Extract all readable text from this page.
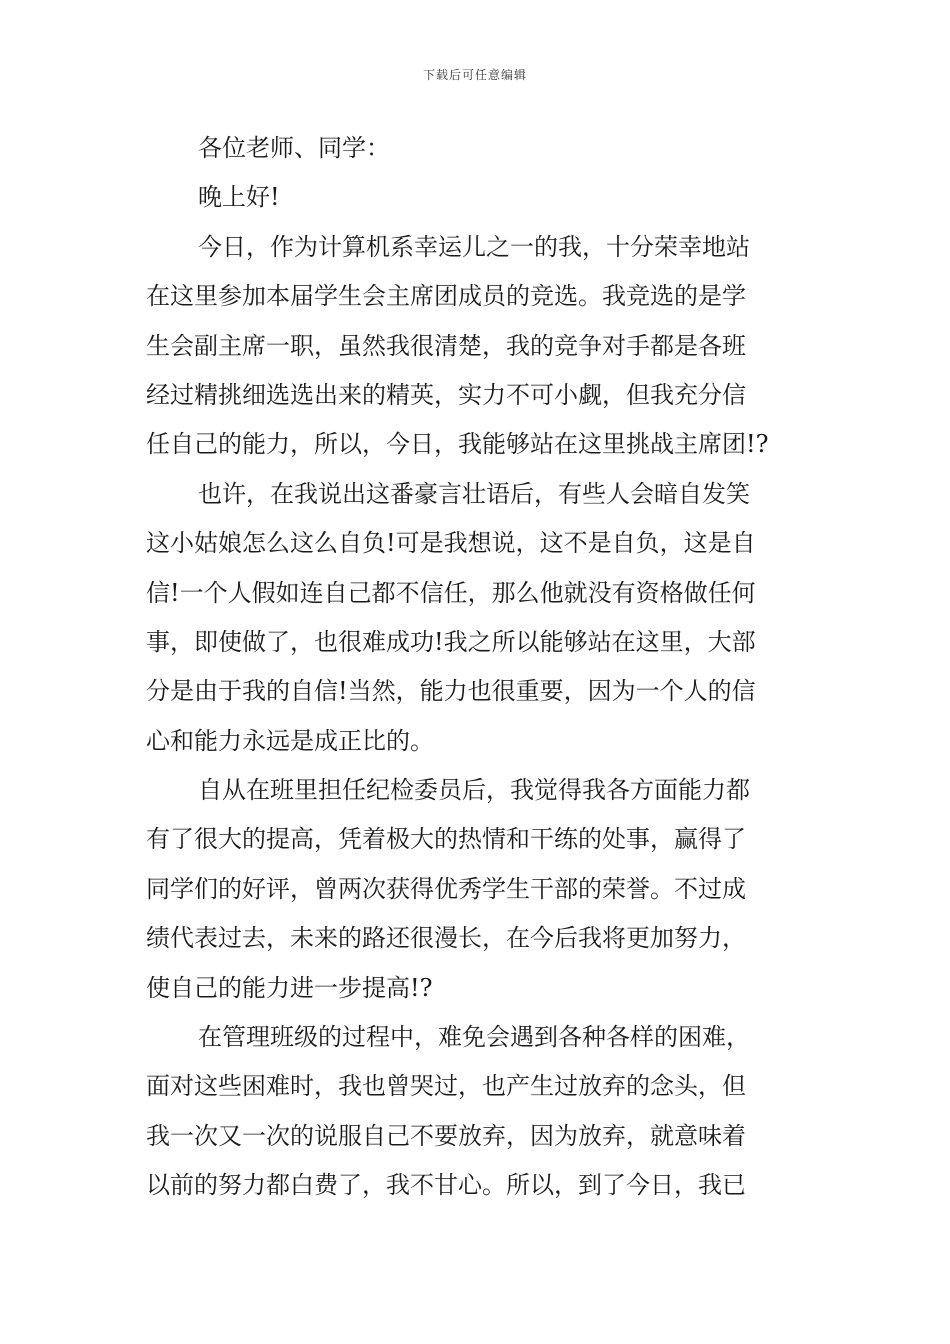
下载后可任意编辑
各位老师、同学：
晚上好!
今日，作为计算机系幸运儿之一的我，十分荣幸地站
在这里参加本届学生会主席团成员的竞选。我竞选的是学
生会副主席一职，虽然我很清楚，我的竞争对手都是各班
经过精挑细选选出来的精英，实力不可小觑，但我充分信
任自己的能力，所以，今日，我能够站在这里挑战主席团!?
也许，在我说出这番豪言壮语后，有些人会暗自发笑
这小姑娘怎么这么自负!可是我想说，这不是自负，这是自
信!一个人假如连自己都不信任，那么他就没有资格做任何
事，即使做了，也很难成功!我之所以能够站在这里，大部
分是由于我的自信!当然，能力也很重要，因为一个人的信
心和能力永远是成正比的。
自从在班里担任纪检委员后，我觉得我各方面能力都
有了很大的提高，凭着极大的热情和干练的处事，赢得了
同学们的好评，曾两次获得优秀学生干部的荣誉。不过成
绩代表过去，未来的路还很漫长，在今后我将更加努力，
使自己的能力进一步提高!?
在管理班级的过程中，难免会遇到各种各样的困难，
面对这些困难时，我也曾哭过，也产生过放弃的念头，但
我一次又一次的说服自己不要放弃，因为放弃，就意味着
以前的努力都白费了，我不甘心。所以，到了今日，我已
